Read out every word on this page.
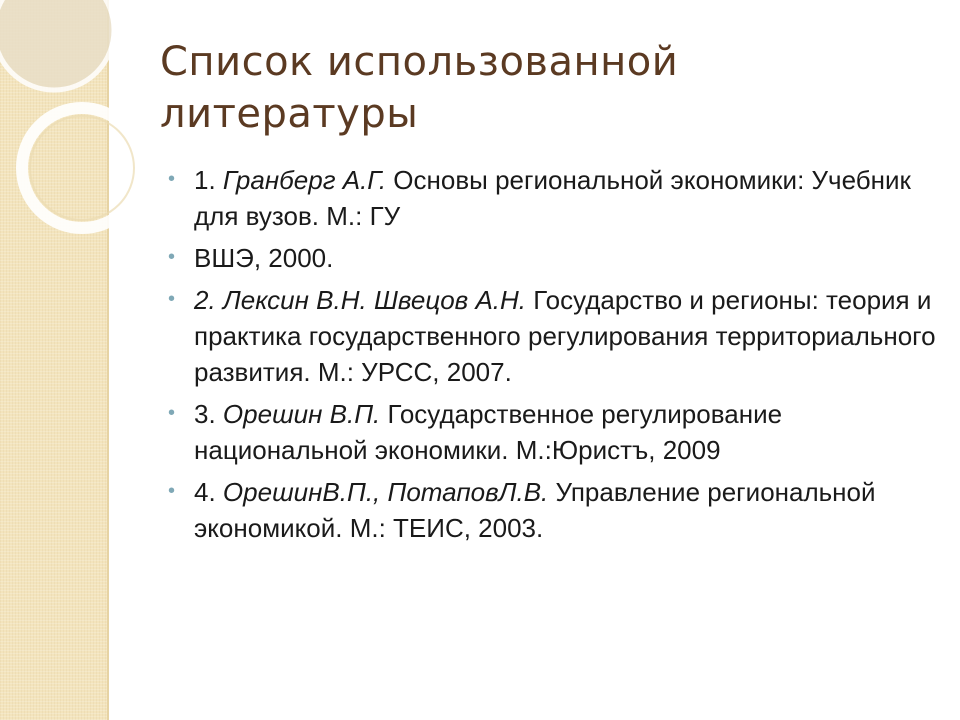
Список использованной литературы
• 1. Гранберг А.Г. Основы региональной экономики: Учебник для вузов. М.: ГУ
• ВШЭ, 2000.
• 2. Лексин В.Н. Швецов А.Н. Государство и регионы: теория и практика государственного регулирования территориального развития. М.: УРСС, 2007.
• 3. Орешин В.П. Государственное регулирование национальной экономики. М.:Юристъ, 2009
• 4. ОрешинВ.П., ПотаповЛ.В. Управление региональной экономикой. М.: ТЕИС, 2003.
